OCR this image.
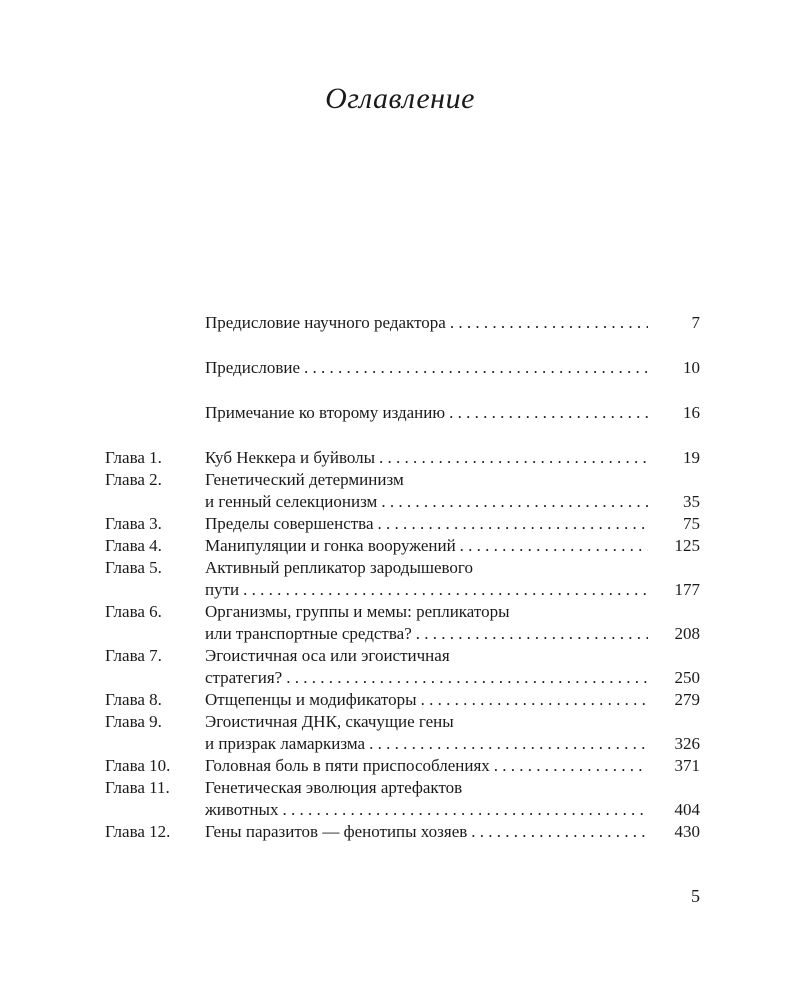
Оглавление
Предисловие научного редактора . . .	7
Предисловие . . .	10
Примечание ко второму изданию . . .	16
Глава 1.	Куб Неккера и буйволы . . .	19
Глава 2.	Генетический детерминизм
и генный селекционизм . . .	35
Глава 3.	Пределы совершенства . . .	75
Глава 4.	Манипуляции и гонка вооружений . . .	125
Глава 5.	Активный репликатор зародышевого
пути . . .	177
Глава 6.	Организмы, группы и мемы: репликаторы
или транспортные средства? . . .	208
Глава 7.	Эгоистичная оса или эгоистичная
стратегия? . . .	250
Глава 8.	Отщепенцы и модификаторы . . .	279
Глава 9.	Эгоистичная ДНК, скачущие гены
и призрак ламаркизма . . .	326
Глава 10. Головная боль в пяти приспособлениях . . .	371
Глава 11. Генетическая эволюция артефактов
животных . . .	404
Глава 12. Гены паразитов — фенотипы хозяев . . .	430
5
